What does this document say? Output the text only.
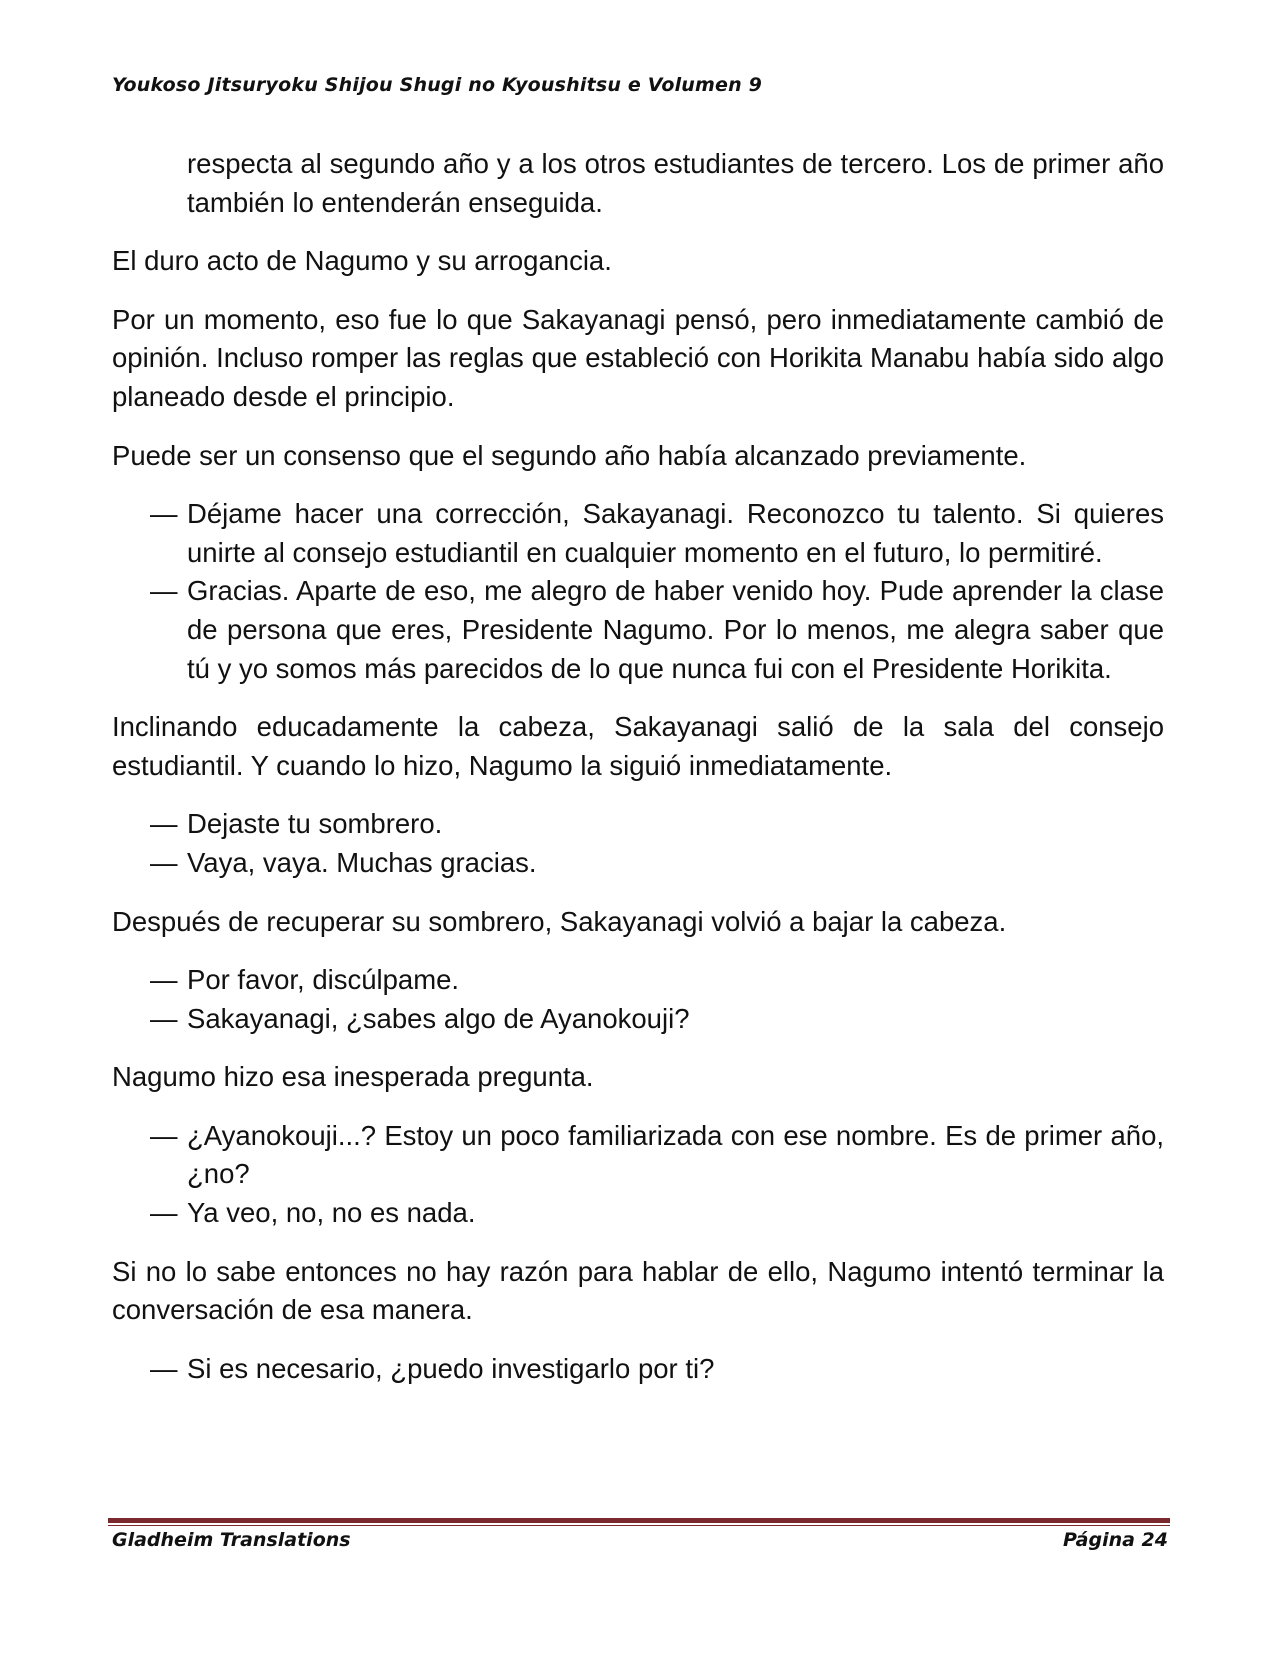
Youkoso Jitsuryoku Shijou Shugi no Kyoushitsu e Volumen 9

respecta al segundo año y a los otros estudiantes de tercero. Los de primer año también lo entenderán enseguida.

El duro acto de Nagumo y su arrogancia.

Por un momento, eso fue lo que Sakayanagi pensó, pero inmediatamente cambió de opinión. Incluso romper las reglas que estableció con Horikita Manabu había sido algo planeado desde el principio.

Puede ser un consenso que el segundo año había alcanzado previamente.

— Déjame hacer una corrección, Sakayanagi. Reconozco tu talento. Si quieres unirte al consejo estudiantil en cualquier momento en el futuro, lo permitiré.
— Gracias. Aparte de eso, me alegro de haber venido hoy. Pude aprender la clase de persona que eres, Presidente Nagumo. Por lo menos, me alegra saber que tú y yo somos más parecidos de lo que nunca fui con el Presidente Horikita.

Inclinando educadamente la cabeza, Sakayanagi salió de la sala del consejo estudiantil. Y cuando lo hizo, Nagumo la siguió inmediatamente.

— Dejaste tu sombrero.
— Vaya, vaya. Muchas gracias.

Después de recuperar su sombrero, Sakayanagi volvió a bajar la cabeza.

— Por favor, discúlpame.
— Sakayanagi, ¿sabes algo de Ayanokouji?

Nagumo hizo esa inesperada pregunta.

— ¿Ayanokouji...? Estoy un poco familiarizada con ese nombre. Es de primer año, ¿no?
— Ya veo, no, no es nada.

Si no lo sabe entonces no hay razón para hablar de ello, Nagumo intentó terminar la conversación de esa manera.

— Si es necesario, ¿puedo investigarlo por ti?
Gladheim Translations	Página 24
